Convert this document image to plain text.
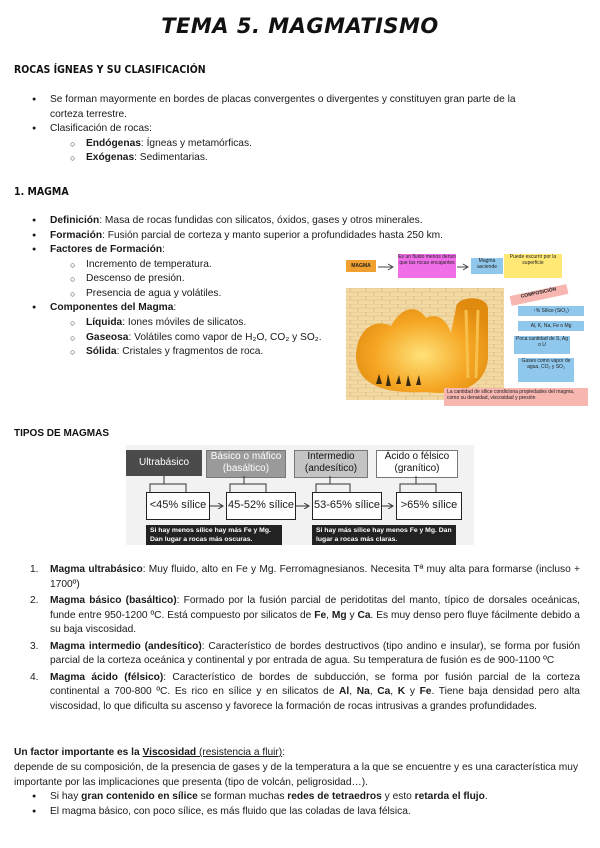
TEMA 5. MAGMATISMO
ROCAS ÍGNEAS Y SU CLASIFICACIÓN
● Se forman mayormente en bordes de placas convergentes o divergentes y constituyen gran parte de la corteza terrestre.
● Clasificación de rocas:
○ Endógenas: Ígneas y metamórficas.
○ Exógenas: Sedimentarias.
1. MAGMA
● Definición: Masa de rocas fundidas con silicatos, óxidos, gases y otros minerales.
● Formación: Fusión parcial de corteza y manto superior a profundidades hasta 250 km.
● Factores de Formación:
○ Incremento de temperatura.
○ Descenso de presión.
○ Presencia de agua y volátiles.
● Componentes del Magma:
○ Líquida: Iones móviles de silicatos.
○ Gaseosa: Volátiles como vapor de H₂O, CO₂ y SO₂.
○ Sólida: Cristales y fragmentos de roca.
MAGMA
Es un fluido menos denso que las rocas encajantes	Magma asciende
Puede escurrir por la superficie
COMPOSICIÓN
↑% Sílice (SiO₂)
Al, K, Na, Fe o Mg
Poca cantidad de S, Ag o U
Gases como vapor de agua, CO₂ y SO₂
La cantidad de sílice condiciona propiedades del magma, como su densidad, viscosidad y presión
TIPOS DE MAGMAS
Ultrabásico
Básico o máfico
(basáltico)
Intermedio
(andesítico)
Ácido o félsico
(granítico)
<45% sílice	45-52% sílice 53-65% sílice	>65% sílice
Si hay menos sílice hay más Fe y Mg. Dan lugar a rocas más oscuras.
Si hay más sílice hay menos Fe y Mg. Dan lugar a rocas más claras.
1. Magma ultrabásico: Muy fluido, alto en Fe y Mg. Ferromagnesianos. Necesita Tª muy alta para formarse (incluso + 1700º)
2. Magma básico (basáltico): Formado por la fusión parcial de peridotitas del manto, típico de dorsales oceánicas, funde entre 950-1200 ºC. Está compuesto por silicatos de Fe, Mg y Ca. Es muy denso pero fluye fácilmente debido a su baja viscosidad.
3. Magma intermedio (andesítico): Característico de bordes destructivos (tipo andino e insular), se forma por fusión parcial de la corteza oceánica y continental y por entrada de agua. Su temperatura de fusión es de 900-1100 ºC
4. Magma ácido (félsico): Característico de bordes de subducción, se forma por fusión parcial de la corteza continental a 700-800 ºC. Es rico en sílice y en silicatos de Al, Na, Ca, K y Fe. Tiene baja densidad pero alta viscosidad, lo que dificulta su ascenso y favorece la formación de rocas intrusivas a grandes profundidades.
Un factor importante es la Viscosidad (resistencia a fluir):
depende de su composición, de la presencia de gases y de la temperatura a la que se encuentre y es una característica muy importante por las implicaciones que presenta (tipo de volcán, peligrosidad…).
● Si hay gran contenido en sílice se forman muchas redes de tetraedros y esto retarda el flujo.
● El magma básico, con poco sílice, es más fluido que las coladas de lava félsica.
